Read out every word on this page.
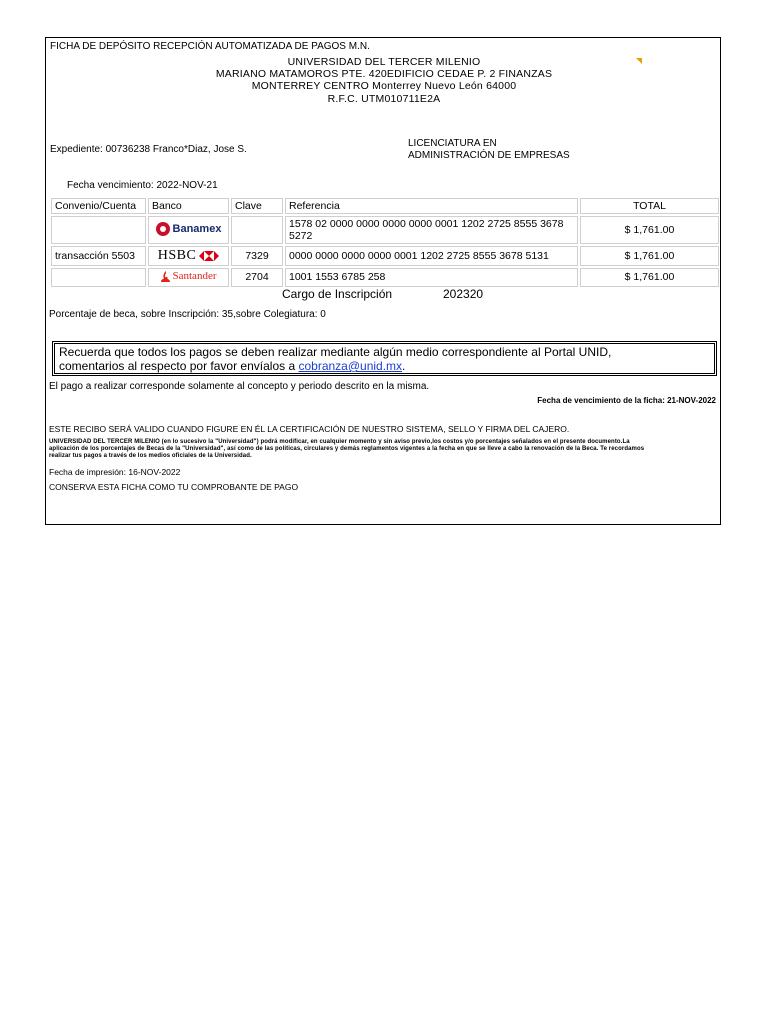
FICHA DE DEPÓSITO RECEPCIÓN AUTOMATIZADA DE PAGOS M.N.
UNIVERSIDAD DEL TERCER MILENIO
MARIANO MATAMOROS PTE. 420EDIFICIO CEDAE P. 2 FINANZAS
MONTERREY CENTRO Monterrey Nuevo León 64000
R.F.C. UTM010711E2A
Expediente: 00736238 Franco*Diaz, Jose S.
LICENCIATURA EN
ADMINISTRACIÓN DE EMPRESAS
Fecha vencimiento: 2022-NOV-21
Convenio/Cuenta	Banco	Clave	Referencia	TOTAL

	Banamex		1578 02 0000 0000 0000 0000 0001 1202 2725 8555 3678 5272	$ 1,761.00
transacción 5503	HSBC	7329	0000 0000 0000 0000 0001 1202 2725 8555 3678 5131	$ 1,761.00

	Santander	2704	1001 1553 6785 258	$ 1,761.00
Cargo de Inscripción	202320
Porcentaje de beca, sobre Inscripción: 35,sobre Colegiatura: 0
Recuerda que todos los pagos se deben realizar mediante algún medio correspondiente al Portal UNID,
comentarios al respecto por favor envíalos a cobranza@unid.mx.
El pago a realizar corresponde solamente al concepto y periodo descrito en la misma.
Fecha de vencimiento de la ficha: 21-NOV-2022
ESTE RECIBO SERÁ VALIDO CUANDO FIGURE EN ÉL LA CERTIFICACIÓN DE NUESTRO SISTEMA, SELLO Y FIRMA DEL CAJERO.
UNIVERSIDAD DEL TERCER MILENIO (en lo sucesivo la "Universidad") podrá modificar, en cualquier momento y sin aviso previo,los costos y/o porcentajes señalados en el presente documento.La
aplicación de los porcentajes de Becas de la "Universidad", así como de las políticas, circulares y demás reglamentos vigentes a la fecha en que se lleve a cabo la renovación de la Beca. Te recordamos
realizar tus pagos a través de los medios oficiales de la Universidad.
Fecha de impresión: 16-NOV-2022
CONSERVA ESTA FICHA COMO TU COMPROBANTE DE PAGO
